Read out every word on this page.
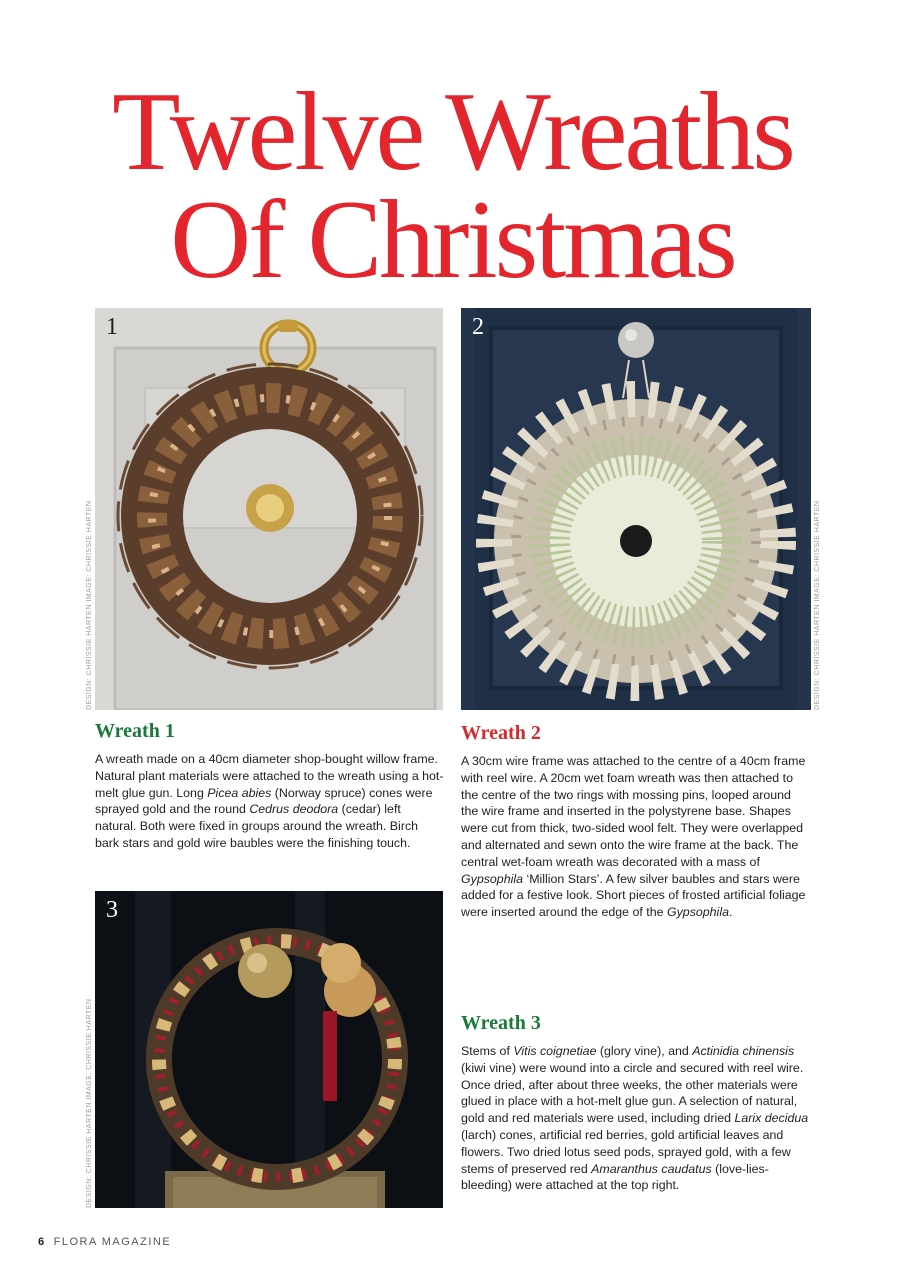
Twelve Wreaths
Of Christmas
1
DESIGN: CHRISSIE HARTEN IMAGE: CHRISSIE HARTEN
2
DESIGN: CHRISSIE HARTEN IMAGE: CHRISSIE HARTEN
3
DESIGN: CHRISSIE HARTEN IMAGE: CHRISSIE HARTEN
Wreath 1
A wreath made on a 40cm diameter shop-bought willow frame. Natural plant materials were attached to the wreath using a hot-melt glue gun. Long Picea abies (Norway spruce) cones were sprayed gold and the round Cedrus deodora (cedar) left natural. Both were fixed in groups around the wreath. Birch bark stars and gold wire baubles were the finishing touch.
Wreath 2
A 30cm wire frame was attached to the centre of a 40cm frame with reel wire. A 20cm wet foam wreath was then attached to the centre of the two rings with mossing pins, looped around the wire frame and inserted in the polystyrene base. Shapes were cut from thick, two-sided wool felt. They were overlapped and alternated and sewn onto the wire frame at the back. The central wet-foam wreath was decorated with a mass of Gypsophila ‘Million Stars’. A few silver baubles and stars were added for a festive look. Short pieces of frosted artificial foliage were inserted around the edge of the Gypsophila.
Wreath 3
Stems of Vitis coignetiae (glory vine), and Actinidia chinensis (kiwi vine) were wound into a circle and secured with reel wire. Once dried, after about three weeks, the other materials were glued in place with a hot-melt glue gun. A selection of natural, gold and red materials were used, including dried Larix decidua (larch) cones, artificial red berries, gold artificial leaves and flowers. Two dried lotus seed pods, sprayed gold, with a few stems of preserved red Amaranthus caudatus (love-lies-bleeding) were attached at the top right.
6 FLORA MAGAZINE
